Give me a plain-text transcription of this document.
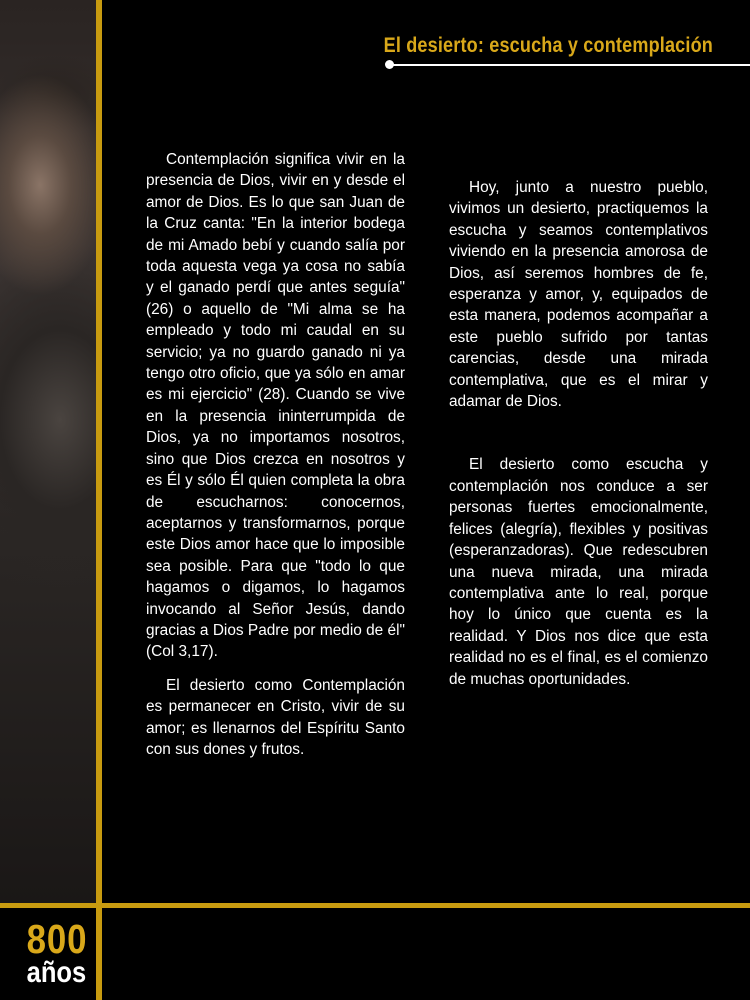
El desierto: escucha y contemplación

Contemplación significa vivir en la presencia de Dios, vivir en y desde el amor de Dios. Es lo que san Juan de la Cruz canta: "En la interior bodega de mi Amado bebí y cuando salía por toda aquesta vega ya cosa no sabía y el ganado perdí que antes seguía" (26) o aquello de "Mi alma se ha empleado y todo mi caudal en su servicio; ya no guardo ganado ni ya tengo otro oficio, que ya sólo en amar es mi ejercicio" (28). Cuando se vive en la presencia ininterrumpida de Dios, ya no importamos nosotros, sino que Dios crezca en nosotros y es Él y sólo Él quien completa la obra de escucharnos: conocernos, aceptarnos y transformarnos, porque este Dios amor hace que lo imposible sea posible. Para que "todo lo que hagamos o digamos, lo hagamos invocando al Señor Jesús, dando gracias a Dios Padre por medio de él" (Col 3,17).

El desierto como Contemplación es permanecer en Cristo, vivir de su amor; es llenarnos del Espíritu Santo con sus dones y frutos.

Hoy, junto a nuestro pueblo, vivimos un desierto, practiquemos la escucha y seamos contemplativos viviendo en la presencia amorosa de Dios, así seremos hombres de fe, esperanza y amor, y, equipados de esta manera, podemos acompañar a este pueblo sufrido por tantas carencias, desde una mirada contemplativa, que es el mirar y adamar de Dios.

El desierto como escucha y contemplación nos conduce a ser personas fuertes emocionalmente, felices (alegría), flexibles y positivas (esperanzadoras). Que redescubren una nueva mirada, una mirada contemplativa ante lo real, porque hoy lo único que cuenta es la realidad. Y Dios nos dice que esta realidad no es el final, es el comienzo de muchas oportunidades.

800
años
